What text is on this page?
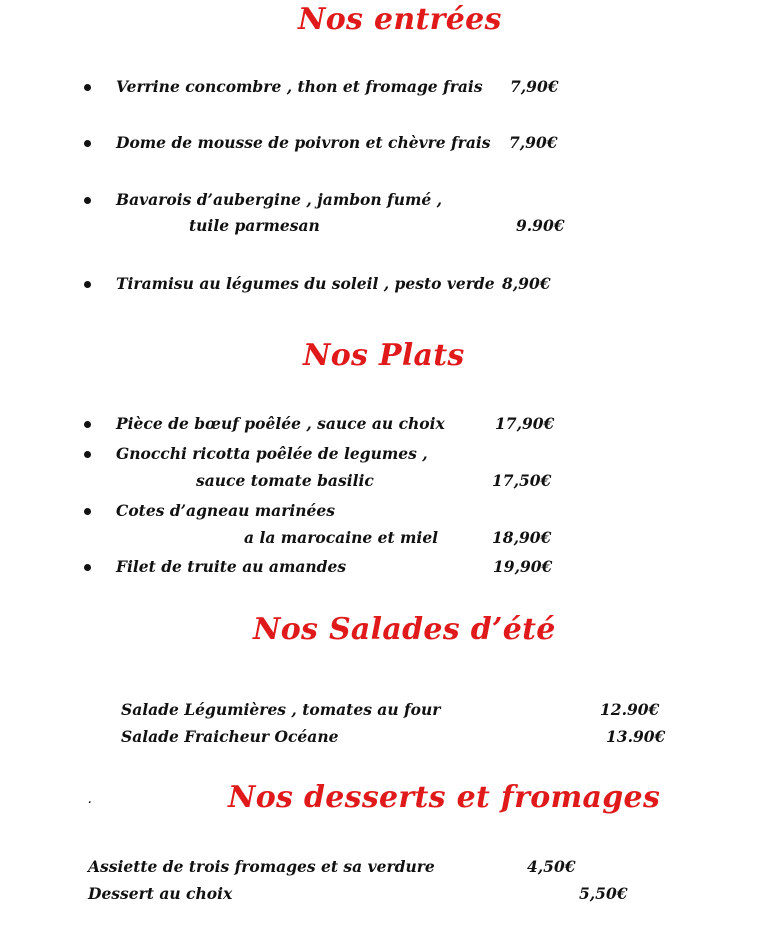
Nos entrées
Verrine concombre , thon et fromage frais 7,90€
Dome de mousse de poivron et chèvre frais 7,90€
Bavarois d’aubergine , jambon fumé ,
tuile parmesan	9.90€
Tiramisu au légumes du soleil , pesto verde 8,90€
Nos Plats
Pièce de bœuf poêlée , sauce au choix	17,90€
Gnocchi ricotta poêlée de legumes ,
sauce tomate basilic	17,50€
Cotes d’agneau marinées
a la marocaine et miel	18,90€
Filet de truite au amandes	19,90€
Nos Salades d’été
Salade Légumières , tomates au four	12.90€
Salade Fraicheur Océane	13.90€
.	Nos desserts et fromages
Assiette de trois fromages et sa verdure	4,50€
Dessert au choix	5,50€
